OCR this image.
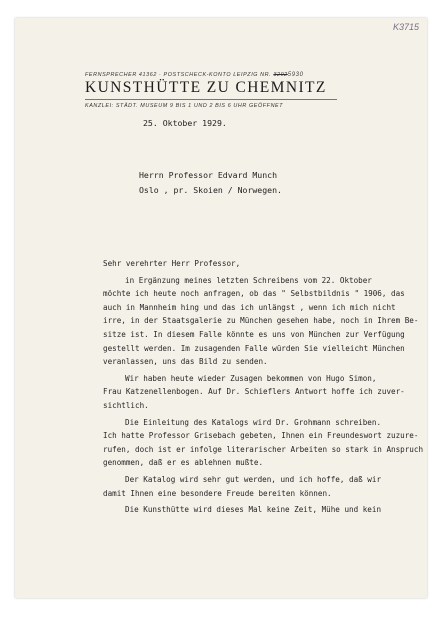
K3715
FERNSPRECHER 41362 · POSTSCHECK-KONTO LEIPZIG NR. 32025930
KUNSTHÜTTE ZU CHEMNITZ
KANZLEI: STÄDT. MUSEUM 9 BIS 1 UND 2 BIS 6 UHR GEÖFFNET
25. Oktober 1929.
Herrn Professor Edvard Munch
Oslo , pr. Skoien / Norwegen.
Sehr verehrter Herr Professor,
in Ergänzung meines letzten Schreibens vom 22. Oktober
möchte ich heute noch anfragen, ob das " Selbstbildnis " 1906, das
auch in Mannheim hing und das ich unlängst , wenn ich mich nicht
irre, in der Staatsgalerie zu München gesehen habe, noch in Ihrem Be-
sitze ist. In diesem Falle könnte es uns von München zur Verfügung
gestellt werden. Im zusagenden Falle würden Sie vielleicht München
veranlassen, uns das Bild zu senden.
Wir haben heute wieder Zusagen bekommen von Hugo Simon,
Frau Katzenellenbogen. Auf Dr. Schieflers Antwort hoffe ich zuver-
sichtlich.
Die Einleitung des Katalogs wird Dr. Grohmann schreiben.
Ich hatte Professor Grisebach gebeten, Ihnen ein Freundeswort zuzure-
rufen, doch ist er infolge literarischer Arbeiten so stark in Anspruch
genommen, daß er es ablehnen mußte.
Der Katalog wird sehr gut werden, und ich hoffe, daß wir
damit Ihnen eine besondere Freude bereiten können.
Die Kunsthütte wird dieses Mal keine Zeit, Mühe und kein
